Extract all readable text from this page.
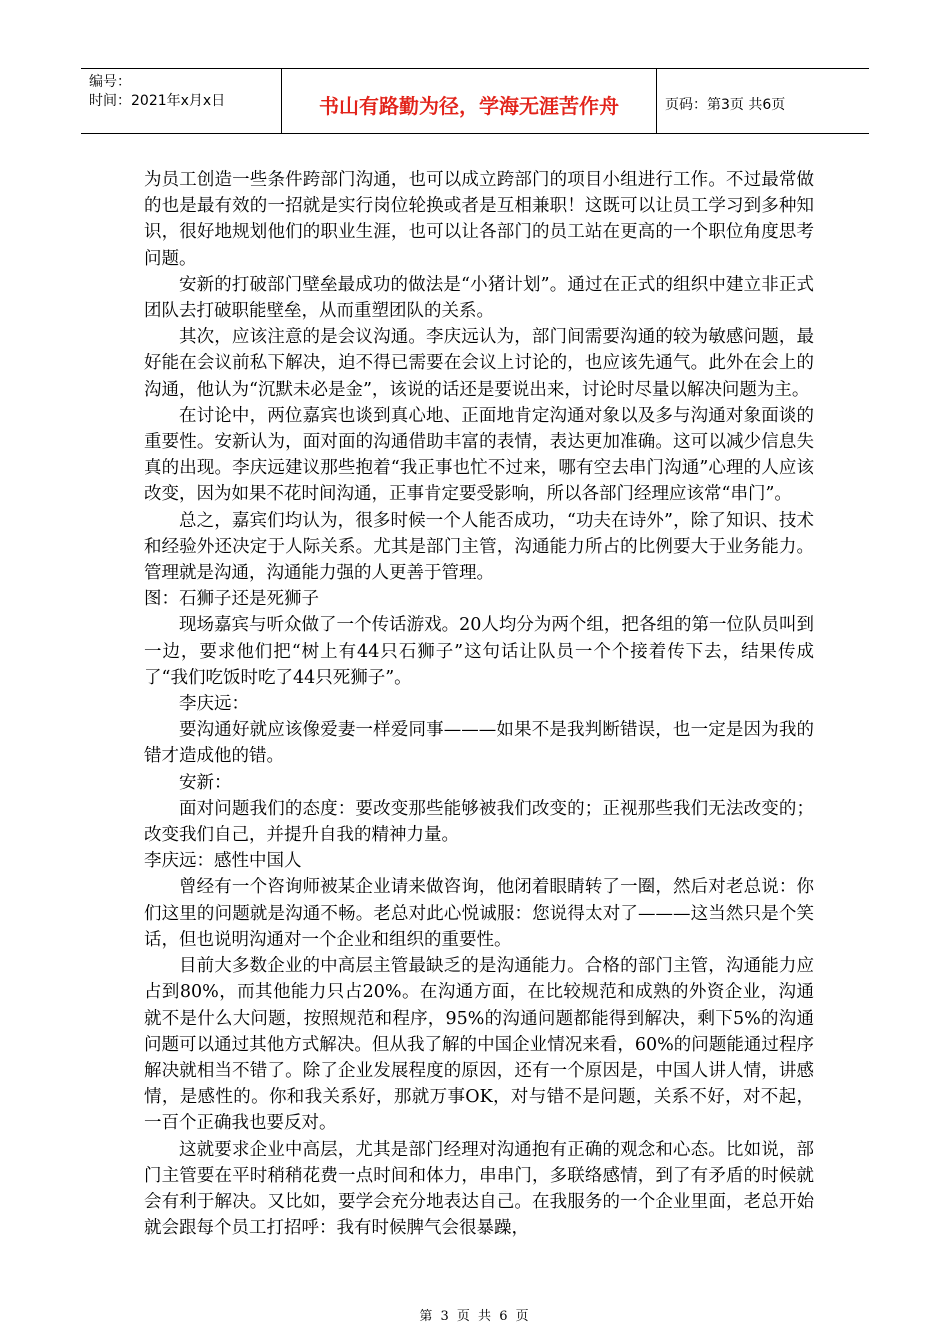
编号：
时间：2021年x月x日	书山有路勤为径，学海无涯苦作舟	页码：第3页 共6页

为员工创造一些条件跨部门沟通，也可以成立跨部门的项目小组进行工作。不过最常做的也是最有效的一招就是实行岗位轮换或者是互相兼职！这既可以让员工学习到多种知识，很好地规划他们的职业生涯，也可以让各部门的员工站在更高的一个职位角度思考问题。

安新的打破部门壁垒最成功的做法是“小猪计划”。通过在正式的组织中建立非正式团队去打破职能壁垒，从而重塑团队的关系。

其次，应该注意的是会议沟通。李庆远认为，部门间需要沟通的较为敏感问题，最好能在会议前私下解决，迫不得已需要在会议上讨论的，也应该先通气。此外在会上的沟通，他认为“沉默未必是金”，该说的话还是要说出来，讨论时尽量以解决问题为主。

在讨论中，两位嘉宾也谈到真心地、正面地肯定沟通对象以及多与沟通对象面谈的重要性。安新认为，面对面的沟通借助丰富的表情，表达更加准确。这可以减少信息失真的出现。李庆远建议那些抱着“我正事也忙不过来，哪有空去串门沟通”心理的人应该改变，因为如果不花时间沟通，正事肯定要受影响，所以各部门经理应该常“串门”。

总之，嘉宾们均认为，很多时候一个人能否成功，“功夫在诗外”，除了知识、技术和经验外还决定于人际关系。尤其是部门主管，沟通能力所占的比例要大于业务能力。管理就是沟通，沟通能力强的人更善于管理。

图：石狮子还是死狮子

现场嘉宾与听众做了一个传话游戏。20人均分为两个组，把各组的第一位队员叫到一边，要求他们把“树上有44只石狮子”这句话让队员一个个接着传下去，结果传成了“我们吃饭时吃了44只死狮子”。

李庆远：

要沟通好就应该像爱妻一样爱同事———如果不是我判断错误，也一定是因为我的错才造成他的错。

安新：

面对问题我们的态度：要改变那些能够被我们改变的；正视那些我们无法改变的；改变我们自己，并提升自我的精神力量。

李庆远：感性中国人

曾经有一个咨询师被某企业请来做咨询，他闭着眼睛转了一圈，然后对老总说：你们这里的问题就是沟通不畅。老总对此心悦诚服：您说得太对了———这当然只是个笑话，但也说明沟通对一个企业和组织的重要性。

目前大多数企业的中高层主管最缺乏的是沟通能力。合格的部门主管，沟通能力应占到80%，而其他能力只占20%。在沟通方面，在比较规范和成熟的外资企业，沟通就不是什么大问题，按照规范和程序，95%的沟通问题都能得到解决，剩下5%的沟通问题可以通过其他方式解决。但从我了解的中国企业情况来看，60%的问题能通过程序解决就相当不错了。除了企业发展程度的原因，还有一个原因是，中国人讲人情，讲感情，是感性的。你和我关系好，那就万事OK，对与错不是问题，关系不好，对不起，一百个正确我也要反对。

这就要求企业中高层，尤其是部门经理对沟通抱有正确的观念和心态。比如说，部门主管要在平时稍稍花费一点时间和体力，串串门，多联络感情，到了有矛盾的时候就会有利于解决。又比如，要学会充分地表达自己。在我服务的一个企业里面，老总开始就会跟每个员工打招呼：我有时候脾气会很暴躁，

第 3 页 共 6 页
